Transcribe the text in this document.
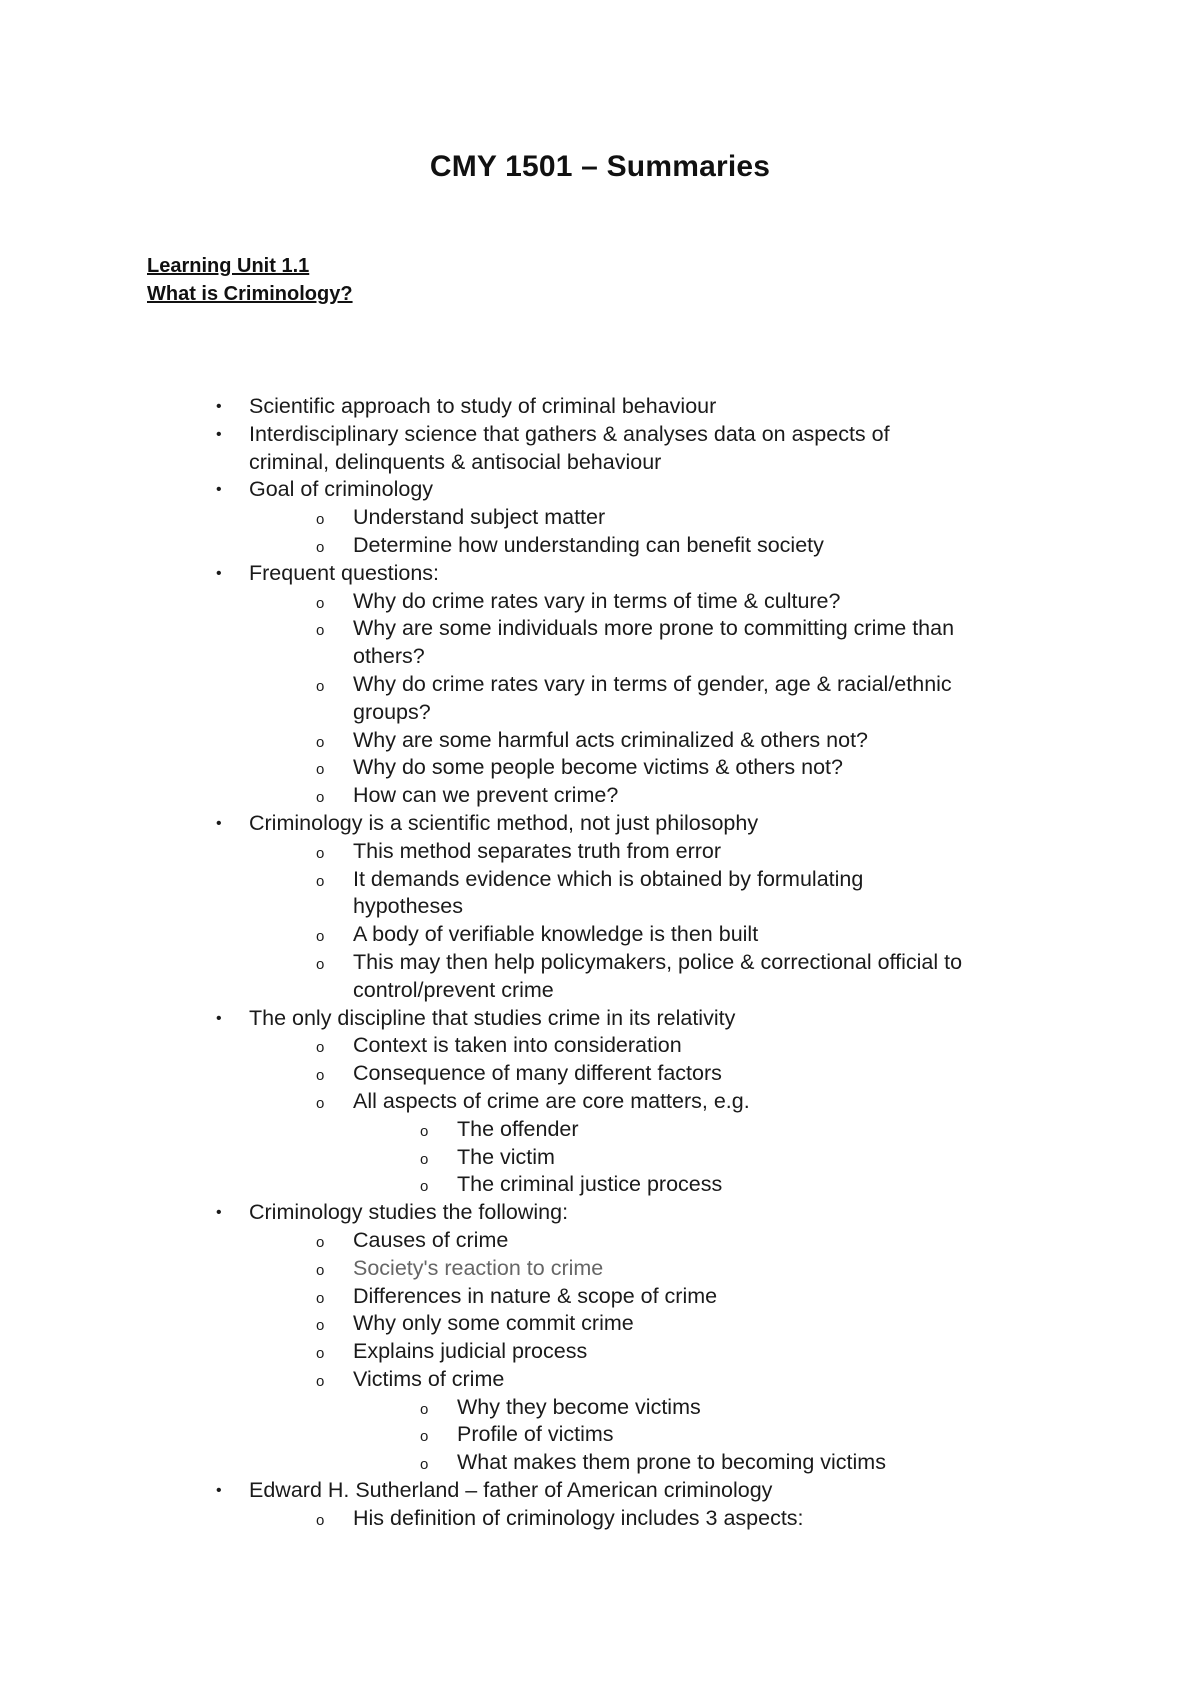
CMY 1501 – Summaries
Learning Unit 1.1
What is Criminology?
• Scientific approach to study of criminal behaviour
• Interdisciplinary science that gathers & analyses data on aspects of
criminal, delinquents & antisocial behaviour
• Goal of criminology
o Understand subject matter
o Determine how understanding can benefit society
• Frequent questions:
o Why do crime rates vary in terms of time & culture?
o Why are some individuals more prone to committing crime than
others?
o Why do crime rates vary in terms of gender, age & racial/ethnic
groups?
o Why are some harmful acts criminalized & others not?
o Why do some people become victims & others not?
o How can we prevent crime?
• Criminology is a scientific method, not just philosophy
o This method separates truth from error
o It demands evidence which is obtained by formulating
hypotheses
o A body of verifiable knowledge is then built
o This may then help policymakers, police & correctional official to
control/prevent crime
• The only discipline that studies crime in its relativity
o Context is taken into consideration
o Consequence of many different factors
o All aspects of crime are core matters, e.g.
o The offender
o The victim
o The criminal justice process
• Criminology studies the following:
o Causes of crime
o Society's reaction to crime
o Differences in nature & scope of crime
o Why only some commit crime
o Explains judicial process
o Victims of crime
o Why they become victims
o Profile of victims
o What makes them prone to becoming victims
• Edward H. Sutherland – father of American criminology
o His definition of criminology includes 3 aspects:
